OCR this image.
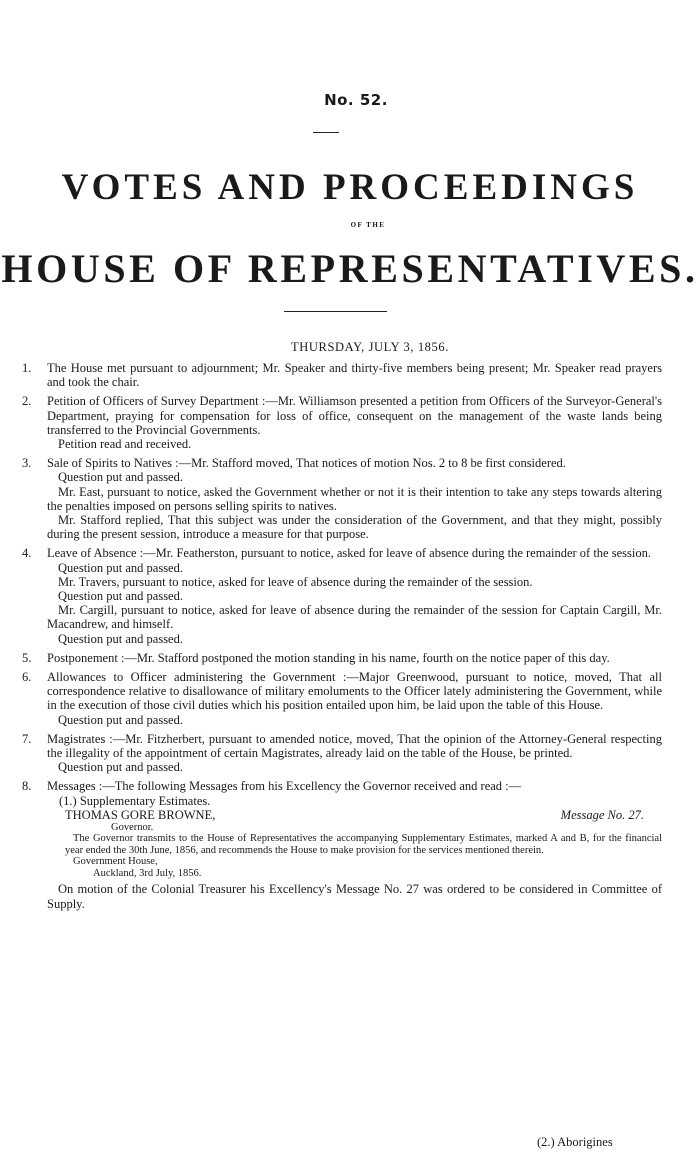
No. 52.
VOTES AND PROCEEDINGS
OF THE
HOUSE OF REPRESENTATIVES.
THURSDAY, JULY 3, 1856.
1. The House met pursuant to adjournment; Mr. Speaker and thirty-five members being present; Mr. Speaker read prayers and took the chair.

2. Petition of Officers of Survey Department :—Mr. Williamson presented a petition from Officers of the Surveyor-General's Department, praying for compensation for loss of office, consequent on the management of the waste lands being transferred to the Provincial Governments.

Petition read and received.

3. Sale of Spirits to Natives :—Mr. Stafford moved, That notices of motion Nos. 2 to 8 be first considered.

Question put and passed.

Mr. East, pursuant to notice, asked the Government whether or not it is their intention to take any steps towards altering the penalties imposed on persons selling spirits to natives.

Mr. Stafford replied, That this subject was under the consideration of the Government, and that they might, possibly during the present session, introduce a measure for that purpose.

4. Leave of Absence :—Mr. Featherston, pursuant to notice, asked for leave of absence during the remainder of the session.

Question put and passed.

Mr. Travers, pursuant to notice, asked for leave of absence during the remainder of the session.

Question put and passed.

Mr. Cargill, pursuant to notice, asked for leave of absence during the remainder of the session for Captain Cargill, Mr. Macandrew, and himself.

Question put and passed.

5. Postponement :—Mr. Stafford postponed the motion standing in his name, fourth on the notice paper of this day.

6. Allowances to Officer administering the Government :—Major Greenwood, pursuant to notice, moved, That all correspondence relative to disallowance of military emoluments to the Officer lately administering the Government, while in the execution of those civil duties which his position entailed upon him, be laid upon the table of this House.

Question put and passed.

7. Magistrates :—Mr. Fitzherbert, pursuant to amended notice, moved, That the opinion of the Attorney-General respecting the illegality of the appointment of certain Magistrates, already laid on the table of the House, be printed.

Question put and passed.

8. Messages :—The following Messages from his Excellency the Governor received and read :—

(1.) Supplementary Estimates.

THOMAS GORE BROWNE,	Message No. 27.

Governor.

The Governor transmits to the House of Representatives the accompanying Supplementary Estimates, marked A and B, for the financial year ended the 30th June, 1856, and recommends the House to make provision for the services mentioned therein.

Government House,

Auckland, 3rd July, 1856.

On motion of the Colonial Treasurer his Excellency's Message No. 27 was ordered to be considered in Committee of Supply.

(2.) Aborigines
